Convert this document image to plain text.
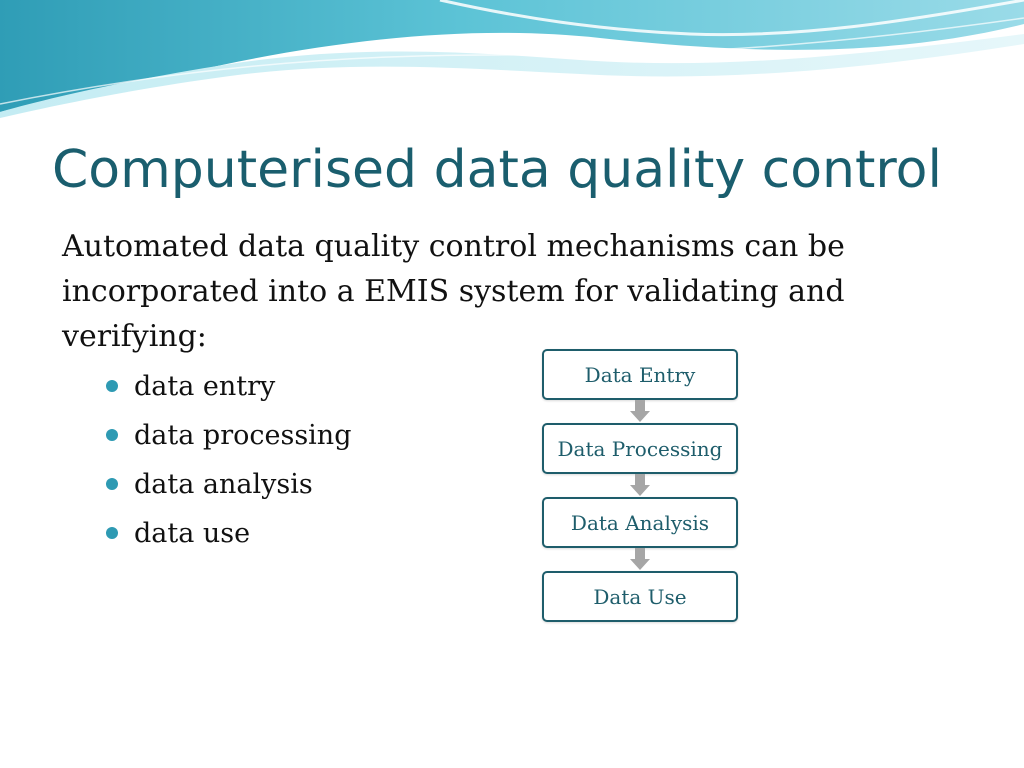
Computerised data quality control

Automated data quality control mechanisms can be incorporated into a EMIS system for validating and verifying:

data entry
data processing
data analysis
data use
Data Entry
Data Processing
Data Analysis
Data Use
